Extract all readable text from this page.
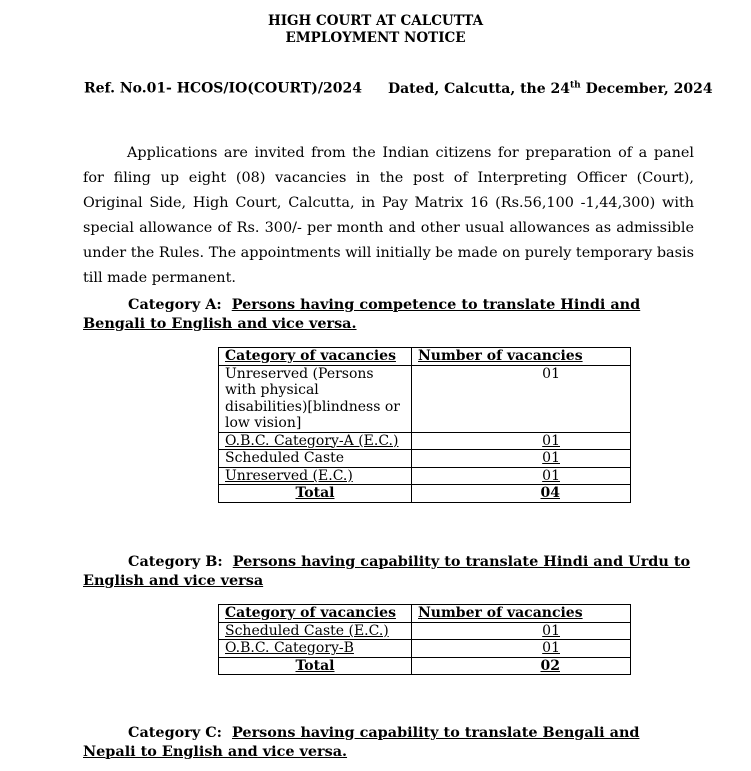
HIGH COURT AT CALCUTTA
EMPLOYMENT NOTICE
Ref. No.01- HCOS/IO(COURT)/2024 Dated, Calcutta, the 24th December, 2024

Applications are invited from the Indian citizens for preparation of a panel for filing up eight (08) vacancies in the post of Interpreting Officer (Court), Original Side, High Court, Calcutta, in Pay Matrix 16 (Rs.56,100 -1,44,300) with special allowance of Rs. 300/- per month and other usual allowances as admissible under the Rules. The appointments will initially be made on purely temporary basis till made permanent.

Category A: Persons having competence to translate Hindi and Bengali to English and vice versa.
Category of vacancies	Number of vacancies
Unreserved (Persons with physical disabilities)[blindness or low vision]	01
O.B.C. Category-A (E.C.)	01
Scheduled Caste	01
Unreserved (E.C.)	01
Total	04
Category B: Persons having capability to translate Hindi and Urdu to English and vice versa
Category of vacancies	Number of vacancies
Scheduled Caste (E.C.)	01
O.B.C. Category-B	01
Total	02
Category C: Persons having capability to translate Bengali and Nepali to English and vice versa.
